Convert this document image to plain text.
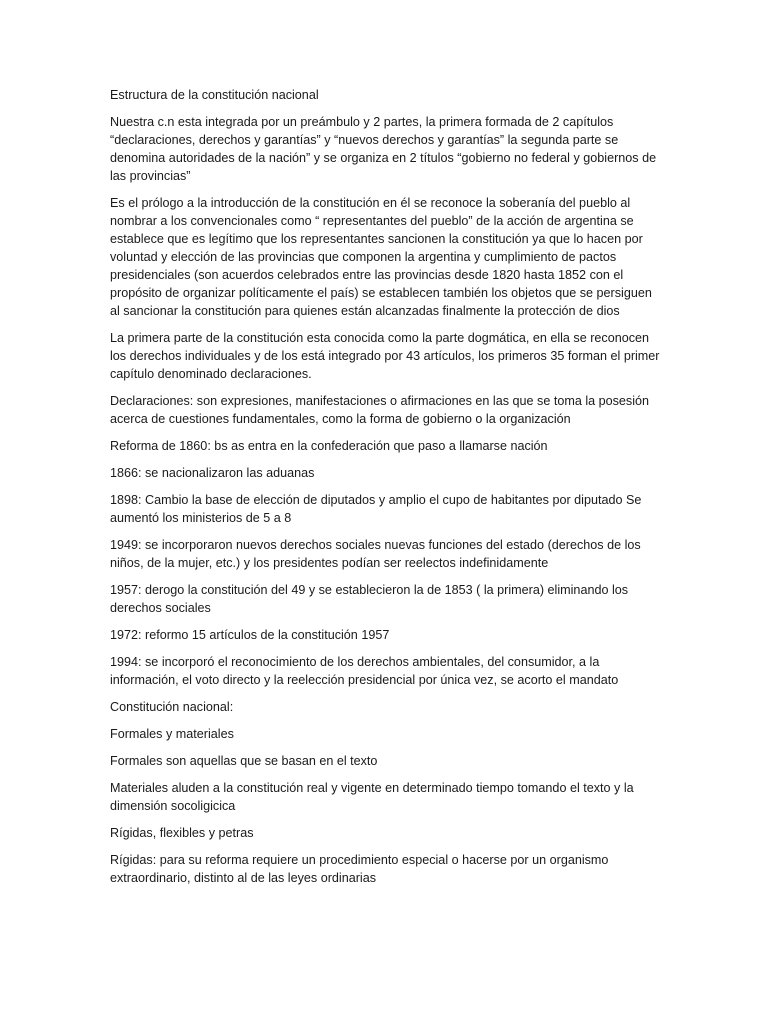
Estructura de la constitución nacional

Nuestra c.n esta integrada por un preámbulo y 2 partes, la primera formada de 2 capítulos “declaraciones, derechos y garantías” y “nuevos derechos y garantías” la segunda parte se denomina autoridades de la nación” y se organiza en 2 títulos “gobierno no federal y gobiernos de las provincias”

Es el prólogo a la introducción de la constitución en él se reconoce la soberanía del pueblo al nombrar a los convencionales como “ representantes del pueblo” de la acción de argentina se establece que es legítimo que los representantes sancionen la constitución ya que lo hacen por voluntad y elección de las provincias que componen la argentina y cumplimiento de pactos presidenciales (son acuerdos celebrados entre las provincias desde 1820 hasta 1852 con el propósito de organizar políticamente el país) se establecen también los objetos que se persiguen al sancionar la constitución para quienes están alcanzadas finalmente la protección de dios

La primera parte de la constitución esta conocida como la parte dogmática, en ella se reconocen los derechos individuales y de los está integrado por 43 artículos, los primeros 35 forman el primer capítulo denominado declaraciones.

Declaraciones: son expresiones, manifestaciones o afirmaciones en las que se toma la posesión acerca de cuestiones fundamentales, como la forma de gobierno o la organización

Reforma de 1860: bs as entra en la confederación que paso a llamarse nación

1866: se nacionalizaron las aduanas

1898: Cambio la base de elección de diputados y amplio el cupo de habitantes por diputado Se aumentó los ministerios de 5 a 8

1949: se incorporaron nuevos derechos sociales nuevas funciones del estado (derechos de los niños, de la mujer, etc.) y los presidentes podían ser reelectos indefinidamente

1957: derogo la constitución del 49 y se establecieron la de 1853 ( la primera) eliminando los derechos sociales

1972: reformo 15 artículos de la constitución 1957

1994: se incorporó el reconocimiento de los derechos ambientales, del consumidor, a la información, el voto directo y la reelección presidencial por única vez, se acorto el mandato

Constitución nacional:

Formales y materiales

Formales son aquellas que se basan en el texto

Materiales aluden a la constitución real y vigente en determinado tiempo tomando el texto y la dimensión socoligicica

Rígidas, flexibles y petras

Rígidas: para su reforma requiere un procedimiento especial o hacerse por un organismo extraordinario, distinto al de las leyes ordinarias
